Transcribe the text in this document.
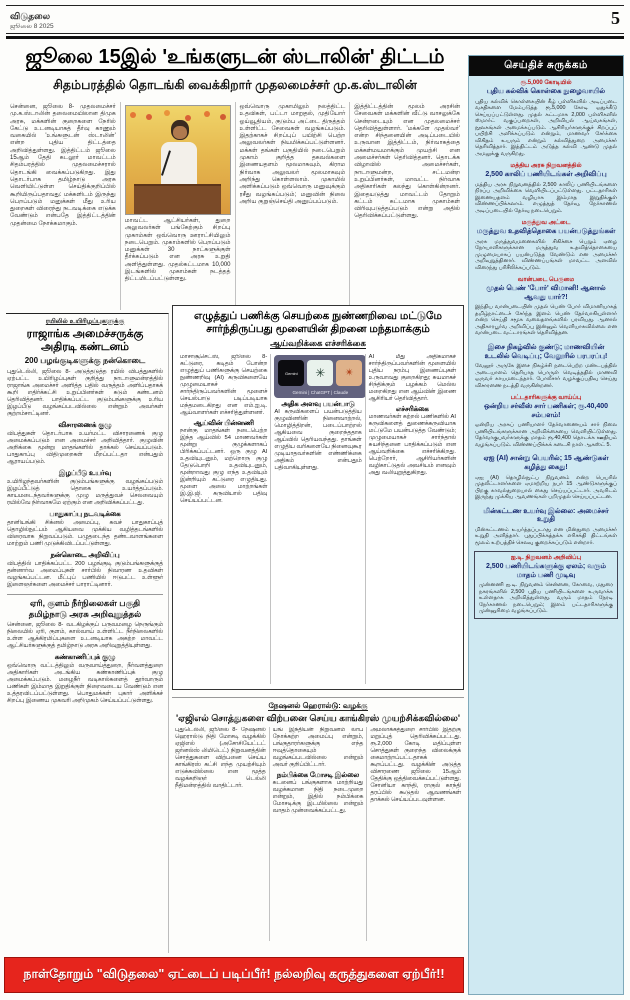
விடுதலை
ஜூலை 8 2025	5
ஜூலை 15இல் 'உங்களுடன் ஸ்டாலின்' திட்டம்
சிதம்பரத்தில் தொடங்கி வைக்கிறார் முதலமைச்சர் மு.க.ஸ்டாலின்
சென்னை, ஜூலை 8- முதலமைச்சர் மு.க.ஸ்டாலின் தலைமையிலான திமுக அரசு, மக்களின் குறைகளை நேரில் கேட்டு உடனடியாகத் தீர்வு காணும் வகையில் 'உங்களுடன் ஸ்டாலின்' என்ற புதிய திட்டத்தை அறிவித்துள்ளது. இத்திட்டம் ஜூலை 15ஆம் தேதி கடலூர் மாவட்டம் சிதம்பரத்தில் முதலமைச்சரால் தொடங்கி வைக்கப்படுகிறது. இது தொடர்பாக தமிழ்நாடு அரசு வெளியிட்டுள்ள செய்திக்குறிப்பில் கூறியிருப்பதாவது: மக்களிடம் இருந்து பெறப்படும் மனுக்கள் மீது உரிய துறைகள் விரைந்து நடவடிக்கை எடுக்க வேண்டும் என்பதே இத்திட்டத்தின் முதன்மை நோக்கமாகும்.	மாவட்ட ஆட்சியர்கள், துறை அலுவலர்கள் பங்கேற்கும் சிறப்பு முகாம்கள் ஒவ்வொரு ஊராட்சியிலும் நடைபெறும். முகாம்களில் பெறப்படும் மனுக்கள் 30 நாட்களுக்குள் தீர்க்கப்படும் என அரசு உறுதி அளித்துள்ளது. முதல்கட்டமாக 10,000 இடங்களில் முகாம்கள் நடத்தத் திட்டமிடப்பட்டுள்ளது.
ஒவ்வொரு முகாமிலும் நலத்திட்ட உதவிகள், பட்டா மாறுதல், முதியோர் ஓய்வூதியம், குடும்ப அட்டை திருத்தம் உள்ளிட்ட சேவைகள் வழங்கப்படும். இதற்காகச் சிறப்புப் பயிற்சி பெற்ற அலுவலர்கள் நியமிக்கப்பட்டுள்ளனர். மக்கள் தங்கள் பகுதியில் நடைபெறும் முகாம் குறித்த தகவல்களை இணையதளம் மூலமாகவும், கிராம நிர்வாக அலுவலர் மூலமாகவும் அறிந்து கொள்ளலாம். முகாமில் அளிக்கப்படும் ஒவ்வொரு மனுவுக்கும் ரசீது வழங்கப்படும்; மனுவின் நிலை அறிய குறுஞ்செய்தி அனுப்பப்படும்.
இத்திட்டத்தின் மூலம் அரசின் சேவைகள் மக்களின் வீட்டு வாசலுக்கே சென்றடையும் என முதலமைச்சர் தெரிவித்துள்ளார். 'மக்களே முதல்வர்' என்ற சிந்தனையின் அடிப்படையில் உருவான இத்திட்டம், நிர்வாகத்தை மக்கள்மயமாக்கும் முயற்சி என அமைச்சர்கள் தெரிவித்தனர். தொடக்க விழாவில் அமைச்சர்கள், நாடாளுமன்ற, சட்டமன்ற உறுப்பினர்கள், மாவட்ட நிர்வாக அதிகாரிகள் கலந்து கொள்கின்றனர். இதையடுத்து மாவட்டம் தோறும் கட்டம் கட்டமாக முகாம்கள் விரிவுபடுத்தப்படும் என்று அதில் தெரிவிக்கப்பட்டுள்ளது.
ரயிலில் உயிரிழப்புகளுக்கு
ராஜாங்க அமைச்சருக்கு
அதிரடி கண்டனம்
200 பழங்குடிகளுக்கு நன்கொடை
புதுடெல்லி, ஜூலை 8- அடுத்தடுத்த ரயில் விபத்துகளில் ஏற்பட்ட உயிரிழப்புகள் குறித்து நாடாளுமன்றத்தில் ராஜாங்க அமைச்சர் அளித்த பதில் வருத்தம் அளிப்பதாகக் கூறி எதிர்க்கட்சி உறுப்பினர்கள் கடும் கண்டனம் தெரிவித்தனர். பாதிக்கப்பட்ட குடும்பங்களுக்கு உரிய இழப்பீடு வழங்கப்படவில்லை என்றும் அவர்கள் குற்றம்சாட்டினர்.
விசாரணைக் குழு
விபத்துகள் தொடர்பாக உயர்மட்ட விசாரணைக் குழு அமைக்கப்படும் என அமைச்சர் அறிவித்தார். குழுவின் அறிக்கை மூன்று மாதங்களில் தாக்கல் செய்யப்படும். பாதுகாப்பு விதிமுறைகள் மீறப்பட்டதா என்பதும் ஆராயப்படும்.
இழப்பீடு உயர்வு
உயிரிழந்தவர்களின் குடும்பங்களுக்கு வழங்கப்படும் இழப்பீட்டுத் தொகை உயர்த்தப்படும். காயமடைந்தவர்களுக்கு முழு மருத்துவச் செலவையும் ரயில்வே நிர்வாகமே ஏற்கும் என அறிவிக்கப்பட்டது.
பாதுகாப்பு நடவடிக்கை
தானியங்கி சிக்னல் அமைப்பு, கவச் பாதுகாப்புத் தொழில்நுட்பம் ஆகியவை முக்கிய வழித்தடங்களில் விரைவாக நிறுவப்படும். பழுதடைந்த தண்டவாளங்களை மாற்றும் பணி முடுக்கிவிடப்பட்டுள்ளது.
நன்கொடை அறிவிப்பு
விபத்தில் பாதிக்கப்பட்ட 200 பழங்குடி குடும்பங்களுக்குத் தன்னார்வ அமைப்புகள் சார்பில் நிவாரண உதவிகள் வழங்கப்பட்டன. மீட்புப் பணியில் ஈடுபட்ட உள்ளூர் இளைஞர்களை அமைச்சர் பாராட்டினார்.
ஏரி, குளம் நீர்நிலைகள் பகுதி
தமிழ்நாடு அரசு அறிவுறுத்தல்
சென்னை, ஜூலை 8- வடகிழக்குப் பருவமழை நெருங்கும் நிலையில் ஏரி, குளம், கால்வாய் உள்ளிட்ட நீர்நிலைகளில் உள்ள ஆக்கிரமிப்புகளை உடனடியாக அகற்ற மாவட்ட ஆட்சியர்களுக்குத் தமிழ்நாடு அரசு அறிவுறுத்தியுள்ளது.
கண்காணிப்புக் குழு
ஒவ்வொரு வட்டத்திலும் வருவாய்த்துறை, நீர்வளத்துறை அதிகாரிகள் அடங்கிய கண்காணிப்புக் குழு அமைக்கப்படும். மழைநீர் வடிகால்களைத் தூர்வாரும் பணிகள் இம்மாத இறுதிக்குள் நிறைவடைய வேண்டும் என உத்தரவிடப்பட்டுள்ளது. பொதுமக்கள் புகார் அளிக்கச் சிறப்பு இணைய முகவரி அறிமுகம் செய்யப்பட்டுள்ளது.
எழுத்துப் பணிக்கு செயற்கை நுண்ணறிவை மட்டுமே
சார்ந்திருப்பது மூளையின் திறனை மந்தமாக்கும்
ஆய்வறிக்கை எச்சரிக்கை
மாசாசூசெட்ஸ், ஜூலை 8- கட்டுரை, கடிதம் போன்ற எழுத்துப் பணிகளுக்கு செயற்கை நுண்ணறிவு (AI) கருவிகளையே முழுமையாகச் சார்ந்திருப்பவர்களின் மூளைச் செயல்பாடு படிப்படியாக மந்தமடைகிறது என எம்.ஐ.டி. ஆய்வாளர்கள் எச்சரித்துள்ளனர்.
ஆய்வின் பின்னணி
நான்கு மாதங்கள் நடைபெற்ற இந்த ஆய்வில் 54 மாணவர்கள் மூன்று குழுக்களாகப் பிரிக்கப்பட்டனர். ஒரு குழு AI உதவியுடனும், மற்றொரு குழு தேடுபொறி உதவியுடனும், மூன்றாவது குழு எந்த உதவியும் இன்றியும் கட்டுரை எழுதியது. மூளை அலை மாற்றங்கள் இ.இ.ஜி. கருவியால் பதிவு செய்யப்பட்டன.
Gemini	✳	✴
Gemini | ChatGPT | Claude
அதிக அளவு பயன்பாடு
AI கருவிகளைப் பயன்படுத்திய குழுவினரின் நினைவாற்றல், மொழித்திறன், படைப்பாற்றல் ஆகியவை குறைந்ததாக ஆய்வில் தெரியவந்தது. தாங்கள் எழுதிய வரிகளையே நினைவுகூர முடியாதவர்களின் எண்ணிக்கை அதிகம் என்பதும் பதிவாகியுள்ளது.
AI மீது அதிகமாகச் சார்ந்திருப்பவர்களின் மூளையில் புதிய நரம்பு இணைப்புகள் உருவாவது குறைகிறது; சுயமாகச் சிந்திக்கும் பழக்கம் மெல்ல மறைகிறது என ஆய்வின் இணை ஆசிரியர் தெரிவித்தார்.
எச்சரிக்கை
மாணவர்கள் கற்றல் பணிகளில் AI கருவிகளைத் துணைக்கருவியாக மட்டுமே பயன்படுத்த வேண்டும்; முழுமையாகச் சார்ந்தால் சுயசிந்தனை பாதிக்கப்படும் என ஆய்வறிக்கை எச்சரிக்கிறது. பெற்றோர், ஆசிரியர்களின் வழிகாட்டுதல் அவசியம் எனவும் அது வலியுறுத்துகிறது.
நேஷனல் ஹெரால்டு: வழக்கு
'ஏஜிஎல் சொத்துகளை விற்பனை செய்ய காங்கிரஸ் முயற்சிக்கவில்லை'
புதுடெல்லி, ஜூலை 8- நேஷனல் ஹெரால்டு நிதி மோசடி வழக்கில் ஏஜிஎல் (அசோசியேட்டட் ஜர்னல்ஸ் லிமிடெட்) நிறுவனத்தின் சொத்துகளை விற்பனை செய்ய காங்கிரஸ் கட்சி எந்த முயற்சியும் எடுக்கவில்லை என மூத்த வழக்கறிஞர் டெல்லி நீதிமன்றத்தில் வாதிட்டார்.
யங் இந்தியன் நிறுவனம் லாப நோக்கற்ற அமைப்பு என்றும், பங்குதாரர்களுக்கு எந்த ஈவுத்தொகையும் வழங்கப்படவில்லை என்றும் அவர் குறிப்பிட்டார்.
நம்பிக்கை மோசடி இல்லை
கடனைப் பங்குகளாக மாற்றியது வழக்கமான நிதி நடைமுறை என்றும், இதில் நம்பிக்கை மோசடிக்கு இடமில்லை என்றும் வாதம் முன்வைக்கப்பட்டது.
அமலாக்கத்துறை சார்பில் இதற்கு மறுப்புத் தெரிவிக்கப்பட்டது. ரூ.2,000 கோடி மதிப்புள்ள சொத்துகள் குறைந்த விலைக்குக் கைமாற்றப்பட்டதாகக் கூறப்பட்டது. வழக்கின் அடுத்த விசாரணை ஜூலை 15ஆம் தேதிக்கு ஒத்திவைக்கப்பட்டுள்ளது. சோனியா காந்தி, ராகுல் காந்தி தரப்பில் கூடுதல் ஆவணங்கள் தாக்கல் செய்யப்படவுள்ளன.
செய்திச் சுருக்கம்
ரூ.5,000 கோடியில்
புதிய கல்விக் கொள்கை நுழைவாயில்
புதிய கல்விக் கொள்கையின் கீழ் பள்ளிகளில் அடிப்படை வசதிகளை மேம்படுத்த ரூ.5,000 கோடி ஒதுக்கீடு செய்யப்பட்டுள்ளது. முதல் கட்டமாக 2,000 பள்ளிகளில் ஸ்மார்ட் வகுப்பறைகள், அறிவியல் ஆய்வகங்கள், நூலகங்கள் அமைக்கப்படும். ஆசிரியர்களுக்குச் சிறப்புப் பயிற்சி அளிக்கப்படும் என்றும், மாணவர் சேர்க்கை விகிதம் உயரும் என்றும் கல்வித்துறை அமைச்சர் தெரிவித்தார். இத்திட்டம் அடுத்த கல்வி ஆண்டு முதல் அமலுக்கு வருகிறது.
மத்திய அரசு நிறுவனத்தில்
2,500 காலிப் பணியிடங்கள் அறிவிப்பு
மத்திய அரசு நிறுவனத்தில் 2,500 காலிப் பணியிடங்களை நிரப்ப அறிவிக்கை வெளியிடப்பட்டுள்ளது. பட்டதாரிகள் இணையதளம் வழியாக இம்மாத இறுதிக்குள் விண்ணப்பிக்கலாம். எழுத்துத் தேர்வு, நேர்காணல் அடிப்படையில் தேர்வு நடைபெறும்.
மருத்துவ அட்டை
மருத்துவ உதவித்தொகை பயன்படுத்துங்கள்
அரசு மருத்துவமனைகளில் சிகிச்சை பெறும் ஏழை நோயாளிகளுக்கான மருத்துவ உதவித்தொகையை முழுமையாகப் பயன்படுத்த வேண்டும் என அமைச்சர் அறிவுறுத்தினார். விண்ணப்பங்கள் மாவட்ட அளவில் விரைந்து பரிசீலிக்கப்படும்.
வான்படை பெருமை
முதல் பெண் 'போர்' விமானி! ஆனால் ஆவது யார்?!
இந்திய வான்படையின் முதல் பெண் போர் விமானியாகத் தமிழ்நாட்டைச் சேர்ந்த இளம் பெண் தேர்வாகியுள்ளார் என்ற செய்தி சமூக வலைதளங்களில் பரவியது. ஆனால் அதிகாரபூர்வ அறிவிப்பு இன்னும் வெளியாகவில்லை என வான்படை வட்டாரங்கள் தெரிவித்தன.
இசை நிகழ்வில் குண்டு; மாணவியின் உடலில் வெடிப்பு; வேலூரில் பரபரப்பு!
வேலூர் அருகே இசை நிகழ்ச்சி நடைபெற்ற மண்டபத்தில் அடையாளம் தெரியாத பொருள் வெடித்ததில் மாணவி ஒருவர் காயமடைந்தார். போலீசார் வழக்குப்பதிவு செய்து விசாரணை நடத்தி வருகின்றனர்.
பட்டதாரிகளுக்கு வாய்ப்பு
ஒன்றிய சர்வீஸ் சார் பணிகள்; ரூ.40,400 சம்பளம்!
ஒன்றிய அரசுப் பணியாளர் தேர்வாணையம் சார் நிலை பணியிடங்களுக்கான அறிவிக்கையை வெளியிட்டுள்ளது. தேர்வாகுபவர்களுக்கு மாதம் ரூ.40,400 தொடக்க ஊதியம் வழங்கப்படும். விண்ணப்பிக்கக் கடைசி நாள் ஆகஸ்ட் 5.
ஏஐ (AI) சான்று பெயரில்; 15 ஆண்டுகள் கழித்து கைது!
ஏஐ (AI) தொழில்நுட்ப நிறுவனம் என்ற பெயரில் முதலீட்டாளர்களை ஏமாற்றிய நபர் 15 ஆண்டுகளுக்குப் பிறகு காவல்துறையால் கைது செய்யப்பட்டார். அவரிடம் இருந்து முக்கிய ஆவணங்கள் பறிமுதல் செய்யப்பட்டன.
மின்கட்டண உயர்வு இல்லை: அமைச்சர் உறுதி
மின்கட்டணம் உயர்த்தப்படாது என மின்துறை அமைச்சர் உறுதி அளித்தார். புதுப்பிக்கத்தக்க எரிசக்தி திட்டங்கள் மூலம் உற்பத்திச் செலவு குறைக்கப்படும் என்றார்.
ஐ.டி. நிறுவனம் அறிவிப்பு
2,500 பணியிடங்களுக்கு ஏலம்; வரும் மாதம் பணி முடிவு
முன்னணி ஐ.டி. நிறுவனம் சென்னை, கோவை, மதுரை நகரங்களில் 2,500 புதிய பணியிடங்களை உருவாக்க உள்ளதாக அறிவித்துள்ளது. வரும் மாதம் நேரடி நேர்காணல் நடைபெறும்; இளம் பட்டதாரிகளுக்கு முன்னுரிமை வழங்கப்படும்.
நாள்தோறும் "விடுதலை" ஏட்டைப் படிப்பீர்! நல்லறிவு கருத்துகளை ஏற்பீர்!!
